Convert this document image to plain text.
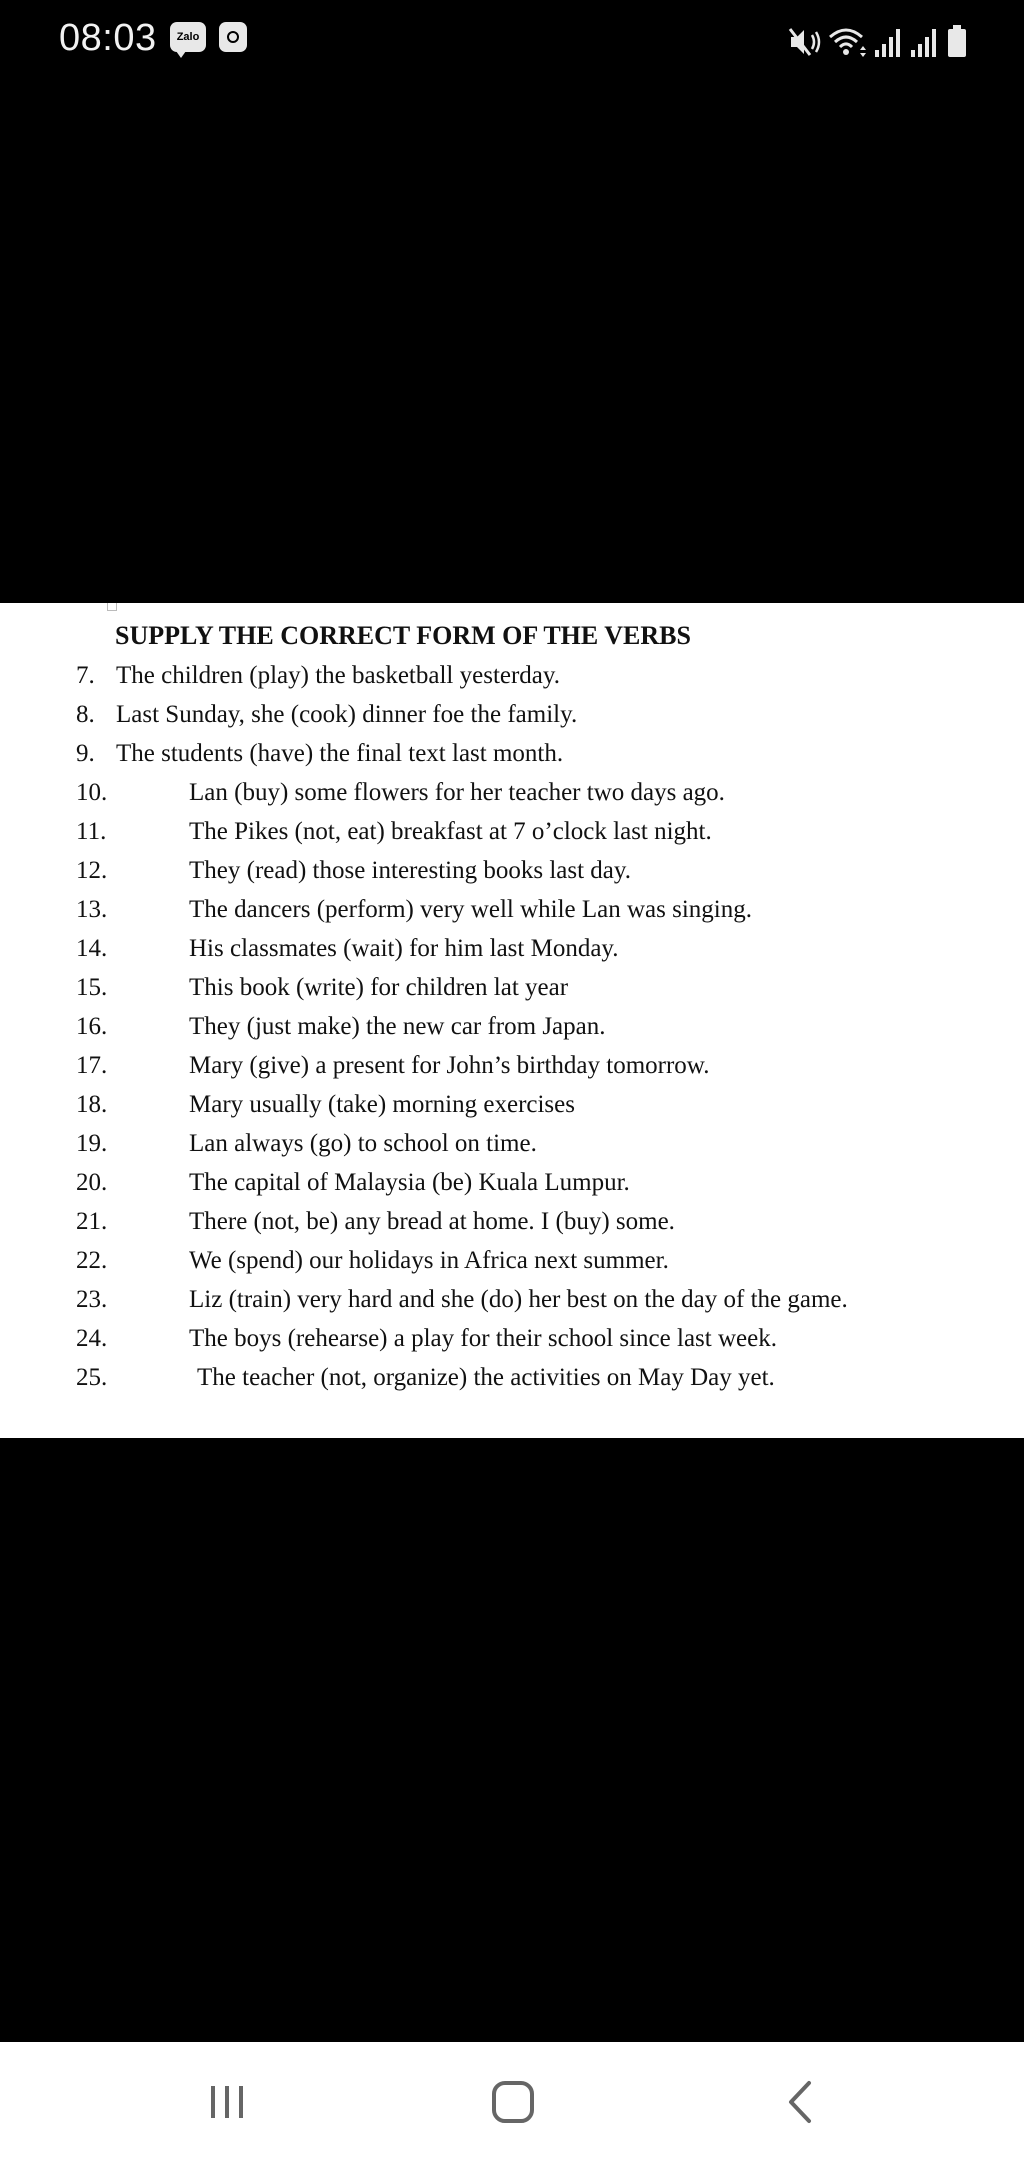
08:03	Zalo
SUPPLY THE CORRECT FORM OF THE VERBS
7. The children (play) the basketball yesterday.
8. Last Sunday, she (cook) dinner foe the family.
9. The students (have) the final text last month.
10.	Lan (buy) some flowers for her teacher two days ago.
11.	The Pikes (not, eat) breakfast at 7 o’clock last night.
12.	They (read) those interesting books last day.
13.	The dancers (perform) very well while Lan was singing.
14.	His classmates (wait) for him last Monday.
15.	This book (write) for children lat year
16.	They (just make) the new car from Japan.
17.	Mary (give) a present for John’s birthday tomorrow.
18.	Mary usually (take) morning exercises
19.	Lan always (go) to school on time.
20.	The capital of Malaysia (be) Kuala Lumpur.
21.	There (not, be) any bread at home. I (buy) some.
22.	We (spend) our holidays in Africa next summer.
23.	Liz (train) very hard and she (do) her best on the day of the game.
24.	The boys (rehearse) a play for their school since last week.
25.	The teacher (not, organize) the activities on May Day yet.
